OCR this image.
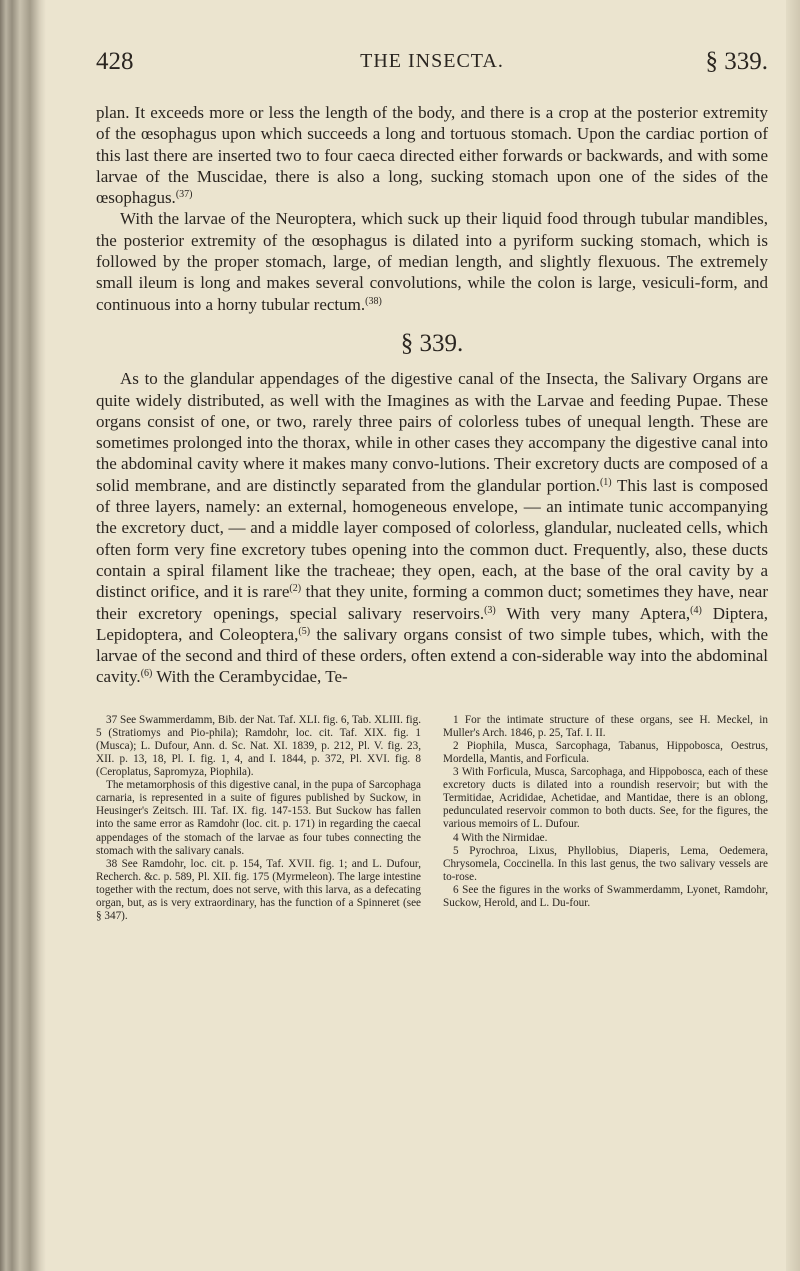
428	THE INSECTA.	§ 339.

plan. It exceeds more or less the length of the body, and there is a crop at the posterior extremity of the œsophagus upon which succeeds a long and tortuous stomach. Upon the cardiac portion of this last there are inserted two to four caeca directed either forwards or backwards, and with some larvae of the Muscidae, there is also a long, sucking stomach upon one of the sides of the œsophagus.$^{(37)}$

With the larvae of the Neuroptera, which suck up their liquid food through tubular mandibles, the posterior extremity of the œsophagus is dilated into a pyriform sucking stomach, which is followed by the proper stomach, large, of median length, and slightly flexuous. The extremely small ileum is long and makes several convolutions, while the colon is large, vesiculi-form, and continuous into a horny tubular rectum.$^{(38)}$

§ 339.

As to the glandular appendages of the digestive canal of the Insecta, the Salivary Organs are quite widely distributed, as well with the Imagines as with the Larvae and feeding Pupae. These organs consist of one, or two, rarely three pairs of colorless tubes of unequal length. These are sometimes prolonged into the thorax, while in other cases they accompany the digestive canal into the abdominal cavity where it makes many convo-lutions. Their excretory ducts are composed of a solid membrane, and are distinctly separated from the glandular portion.$^{(1)}$ This last is composed of three layers, namely: an external, homogeneous envelope, — an intimate tunic accompanying the excretory duct, — and a middle layer composed of colorless, glandular, nucleated cells, which often form very fine excretory tubes opening into the common duct. Frequently, also, these ducts contain a spiral filament like the tracheae; they open, each, at the base of the oral cavity by a distinct orifice, and it is rare$^{(2)}$ that they unite, forming a common duct; sometimes they have, near their excretory openings, special salivary reservoirs.$^{(3)}$ With very many Aptera,$^{(4)}$ Diptera, Lepidoptera, and Coleoptera,$^{(5)}$ the salivary organs consist of two simple tubes, which, with the larvae of the second and third of these orders, often extend a con-siderable way into the abdominal cavity.$^{(6)}$ With the Cerambycidae, Te-

37 See Swammerdamm, Bib. der Nat. Taf. XLI. fig. 6, Tab. XLIII. fig. 5 (Stratiomys and Pio-phila); Ramdohr, loc. cit. Taf. XIX. fig. 1 (Musca); L. Dufour, Ann. d. Sc. Nat. XI. 1839, p. 212, Pl. V. fig. 23, XII. p. 13, 18, Pl. I. fig. 1, 4, and I. 1844, p. 372, Pl. XVI. fig. 8 (Ceroplatus, Sapromyza, Piophila).

The metamorphosis of this digestive canal, in the pupa of Sarcophaga carnaria, is represented in a suite of figures published by Suckow, in Heusinger's Zeitsch. III. Taf. IX. fig. 147-153. But Suckow has fallen into the same error as Ramdohr (loc. cit. p. 171) in regarding the caecal appendages of the stomach of the larvae as four tubes connecting the stomach with the salivary canals.

38 See Ramdohr, loc. cit. p. 154, Taf. XVII. fig. 1; and L. Dufour, Recherch. &c. p. 589, Pl. XII. fig. 175 (Myrmeleon). The large intestine together with the rectum, does not serve, with this larva, as a defecating organ, but, as is very extraordinary, has the function of a Spinneret (see § 347).

1 For the intimate structure of these organs, see H. Meckel, in Muller's Arch. 1846, p. 25, Taf. I. II.

2 Piophila, Musca, Sarcophaga, Tabanus, Hippobosca, Oestrus, Mordella, Mantis, and Forficula.

3 With Forficula, Musca, Sarcophaga, and Hippobosca, each of these excretory ducts is dilated into a roundish reservoir; but with the Termitidae, Acrididae, Achetidae, and Mantidae, there is an oblong, pedunculated reservoir common to both ducts. See, for the figures, the various memoirs of L. Dufour.

4 With the Nirmidae.

5 Pyrochroa, Lixus, Phyllobius, Diaperis, Lema, Oedemera, Chrysomela, Coccinella. In this last genus, the two salivary vessels are to-rose.

6 See the figures in the works of Swammerdamm, Lyonet, Ramdohr, Suckow, Herold, and L. Du-four.
